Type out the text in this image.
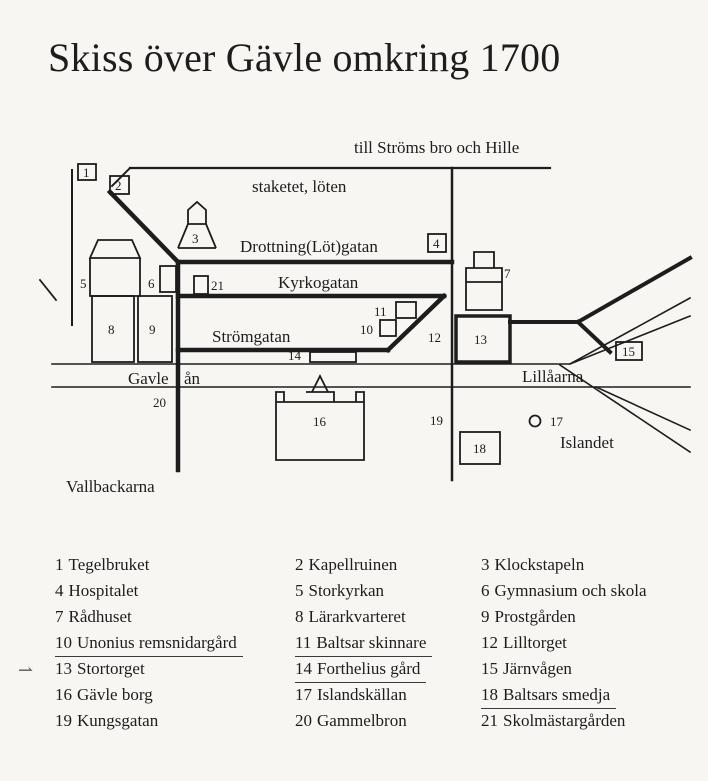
Skiss över Gävle omkring 1700
till Ströms bro och Hille
staketet, löten
Drottning(Löt)gatan
Kyrkogatan
Strömgatan
Gavle ån	Lillåarna
Islandet
Vallbackarna
1
2
3	4
5	6
7
8	9	10
11
12	13
14	15
16	17
18
19
20
21
⇀
1 Tegelbruket	2 Kapellruinen	3 Klockstapeln
4 Hospitalet	5 Storkyrkan	6 Gymnasium och skola
7 Rådhuset	8 Lärarkvarteret	9 Prostgården
10 Unonius remsnidargård	11 Baltsar skinnare	12 Lilltorget
13 Stortorget	14 Forthelius gård	15 Järnvågen
16 Gävle borg	17 Islandskällan	18 Baltsars smedja
19 Kungsgatan	20 Gammelbron	21 Skolmästargården
